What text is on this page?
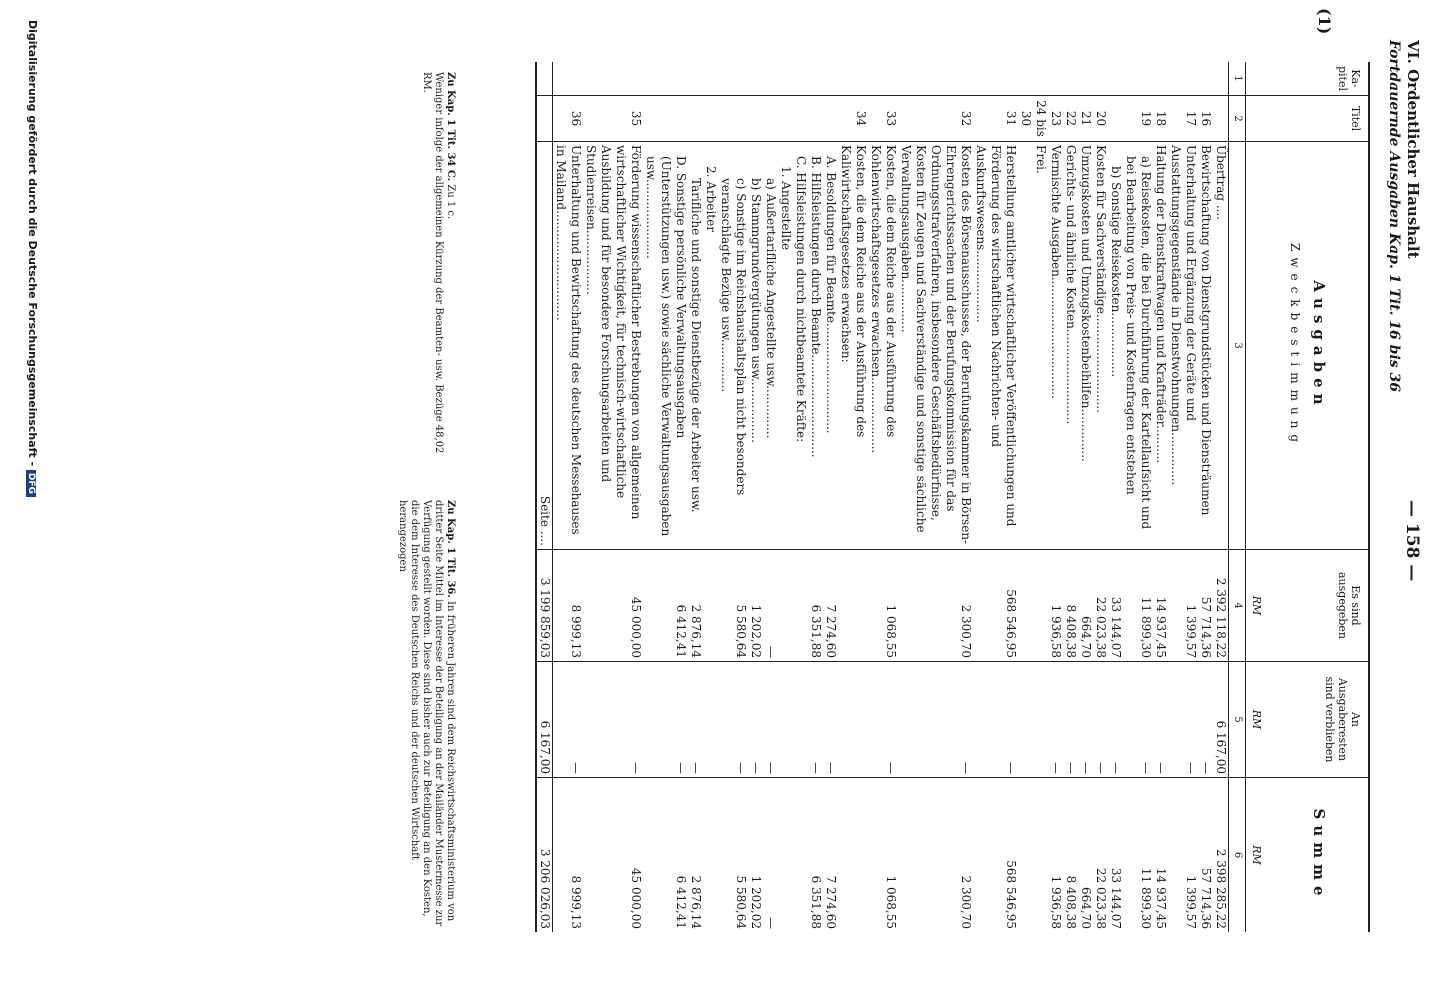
VI. Ordentlicher Haushalt
Fortdauernde Ausgaben Kap. 1 Tit. 16 bis 36
— 158 —
(1)
Ka-
pitel
Titel
Ausgaben
Zweckbestimmung
Es sind
ausgegeben
RM
An
Ausgaberesten
sind verblieben
RM
Summe
RM
1
2
3
4
5
6
Übertrag ....
2 392 118,22
6 167,00
2 398 285,22
16
Bewirtschaftung von Dienstgrundstücken und Diensträumen
57 714,36
—
57 714,36
17
Unterhaltung und Ergänzung der Geräte und Ausstattungsgegenstände in Dienstwohnungen..............
1 399,57
—
1 399,57
18
Haltung der Dienstkraftwagen und Krafträder..........
14 937,45
—
14 937,45
19
a) Reisekosten, die bei Durchführung der Kartellaufsicht und bei Bearbeitung von Preis- und Kostenfragen entstehen
11 899,30
—
11 899,30
b) Sonstige Reisekosten.................
33 144,07
—
33 144,07
20
Kosten für Sachverständige..........................
22 023,38
—
22 023,38
21
Umzugskosten und Umzugskostenbeihilfen..............
664,70
—
664,70
22
Gerichts- und ähnliche Kosten.........................
8 408,38
—
8 408,38
23
Vermischte Ausgaben................................
1 936,58
—
1 936,58
24 bis 30
Frei.
31
Herstellung amtlicher wirtschaftlicher Veröffentlichungen und Förderung des wirtschaftlichen Nachrichten- und Auskunftswesens...................
568 546,95
—
568 546,95
32
Kosten des Börsenausschusses, der Berufungskammer in Börsen-Ehrengerichtssachen und der Berufungskommission für das Ordnungsstrafverfahren, insbesondere Geschäftsbedürfnisse, Kosten für Zeugen und Sachverständige und sonstige sächliche Verwaltungsausgaben..............
2 300,70
—
2 300,70
33
Kosten, die dem Reiche aus der Ausführung des Kohlenwirtschaftsgesetzes erwachsen....................
1 068,55
—
1 068,55
34
Kosten, die dem Reiche aus der Ausführung des Kaliwirtschaftsgesetzes erwachsen:
A. Besoldungen für Beamte.............................
7 274,60
—
7 274,60
B. Hilfsleistungen durch Beamte...........................
6 351,88
—
6 351,88
C. Hilfsleistungen durch nichtbeamtete Kräfte:
1. Angestellte
a) Außertarifliche Angestellte usw..............
—
—
—
b) Stammgrundvergütungen usw.................
1 202,02
—
1 202,02
c) Sonstige im Reichshaushaltsplan nicht besonders veranschlagte Bezüge usw..............
5 580,64
—
5 580,64
2. Arbeiter
Tarifliche und sonstige Dienstbezüge der Arbeiter usw.
2 876,14
—
2 876,14
D. Sonstige persönliche Verwaltungsausgaben (Unterstützungen usw.) sowie sächliche Verwaltungsausgaben usw.....................
6 412,41
—
6 412,41
35
Förderung wissenschaftlicher Bestrebungen von allgemeinen wirtschaftlicher Wichtigkeit, für technisch-wirtschaftliche Ausbildung und für besondere Forschungsarbeiten und Studienreisen.................
45 000,00
—
45 000,00
36
Unterhaltung und Bewirtschaftung des deutschen Messehauses in Mailand.............................
8 999,13
—
8 999,13
Seite ....
3 199 859,03
6 167,00
3 206 026,03
Zu Kap. 1 Tit. 34 C. Zu 1 c.
Weniger infolge der allgemeinen Kürzung der Beamten- usw. Bezüge 48,02 RM.
Zu Kap. 1 Tit. 36. In früheren Jahren sind dem Reichswirtschaftsministerium von dritter Seite Mittel im Interesse der Beteiligung an der Mailänder Mustermesse zur Verfügung gestellt worden. Diese sind bisher auch zur Beteiligung an den Kosten, die dem Interesse des Deutschen Reichs und der deutschen Wirtschaft herangezogen
Digitalisierung gefördert durch die Deutsche Forschungsgemeinschaft - DFG
